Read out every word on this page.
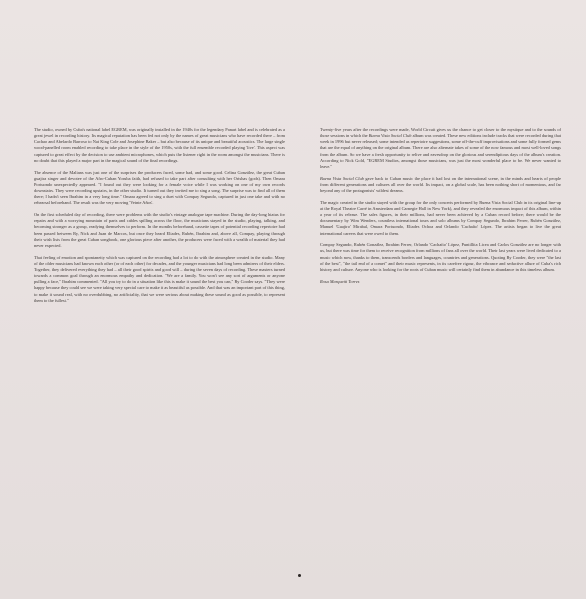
The studio, owned by Cuba's national label EGREM, was originally installed in the 1940s for the legendary Panart label and is celebrated as a great jewel in recording history. Its magical reputation has been fed not only by the names of great musicians who have recorded there – from Cachao and Abelardo Barroso to Nat King Cole and Josephine Baker – but also because of its unique and beautiful acoustics. The large single wood-panelled room enabled recording to take place in the style of the 1950s, with the full ensemble recorded playing 'live'. This aspect was captured to great effect by the decision to use ambient microphones, which puts the listener right in the room amongst the musicians. There is no doubt that this played a major part in the magical sound of the final recordings.

The absence of the Malians was just one of the surprises the producers faced, some bad, and some good. Celina González, the great Cuban guajira singer and devotee of the Afro-Cuban Yoruba faith, had refused to take part after consulting with her Orishas (gods). Then Omara Portuondo unexpectedly appeared. "I found out they were looking for a female voice while I was working on one of my own records downstairs. They were recording upstairs, in the other studio. It turned out they invited me to sing a song. The surprise was to find all of them there; I hadn't seen Ibrahim in a very long time." Omara agreed to sing a duet with Compay Segundo, captured in just one take and with no rehearsal beforehand. The result was the very moving 'Veinte Años'.

On the first scheduled day of recording, there were problems with the studio's vintage analogue tape machine. During the day-long hiatus for repairs and with a worrying mountain of parts and cables spilling across the floor, the musicians stayed in the studio, playing, talking, and becoming stronger as a group, readying themselves to perform. In the months beforehand, cassette tapes of potential recording repertoire had been passed between Ry, Nick and Juan de Marcos, but once they heard Eliades, Rubén, Ibrahim and, above all, Compay, playing through their wish lists from the great Cuban songbook, one glorious piece after another, the producers were faced with a wealth of material they had never expected.

That feeling of emotion and spontaneity which was captured on the recording had a lot to do with the atmosphere created in the studio. Many of the older musicians had known each other (or of each other) for decades, and the younger musicians had long been admirers of their elders. Together, they delivered everything they had – all their good spirits and good will – during the seven days of recording. These masters turned towards a common goal through an enormous empathy and dedication. "We are a family. You won't see any sort of arguments or anyone pulling a face," Ibrahim commented. "All you try to do in a situation like this is make it sound the best you can," Ry Cooder says. "They were happy because they could see we were taking very special care to make it as beautiful as possible. And that was an important part of this thing, to make it sound real, with no overdubbing, no artificiality, that we were serious about making these sound as good as possible, to represent them to the fullest."

Twenty-five years after the recordings were made, World Circuit gives us the chance to get closer to the mystique and to the sounds of those sessions in which the Buena Vista Social Club album was created. These new editions include tracks that were recorded during that week in 1996 but never released; some intended as repertoire suggestions, some off-the-cuff improvisations and some fully formed gems that are the equal of anything on the original album. There are also alternate takes of some of the now famous and most well-loved songs from the album. So we have a fresh opportunity to relive and eavesdrop on the glorious and serendipitous days of the album's creation. According to Nick Gold, "EGREM Studios, amongst those musicians, was just the most wonderful place to be. We never wanted to leave."

Buena Vista Social Club gave back to Cuban music the place it had lost on the international scene, in the minds and hearts of people from different generations and cultures all over the world. Its impact, on a global scale, has been nothing short of momentous, and far beyond any of the protagonists' wildest dreams.

The magic created in the studio stayed with the group for the only concerts performed by Buena Vista Social Club in its original line-up at the Royal Theatre Carré in Amsterdam and Carnegie Hall in New York), and they revealed the enormous impact of this album, within a year of its release. The sales figures, in their millions, had never been achieved by a Cuban record before; there would be the documentary by Wim Wenders, countless international tours and solo albums by Compay Segundo, Ibrahim Ferrer, Rubén González, Manuel 'Guajiro' Mirabal, Omara Portuondo, Eliades Ochoa and Orlando 'Cachaíto' López. The artists began to live the great international careers that were owed to them.

Compay Segundo, Rubén González, Ibrahim Ferrer, Orlando 'Cachaíto' López, Puntillita Licea and Carlos González are no longer with us, but there was time for them to receive recognition from millions of fans all over the world. Their last years were lived dedicated to a music which now, thanks to them, transcends borders and languages, countries and generations. Quoting Ry Cooder, they were "the last of the best", "the tail end of a comet" and their music represents, in its carefree rigour, the vibrance and seductive allure of Cuba's rich history and culture. Anyone who is looking for the roots of Cuban music will certainly find them in abundance in this timeless album.

Rosa Marquetti Torres
